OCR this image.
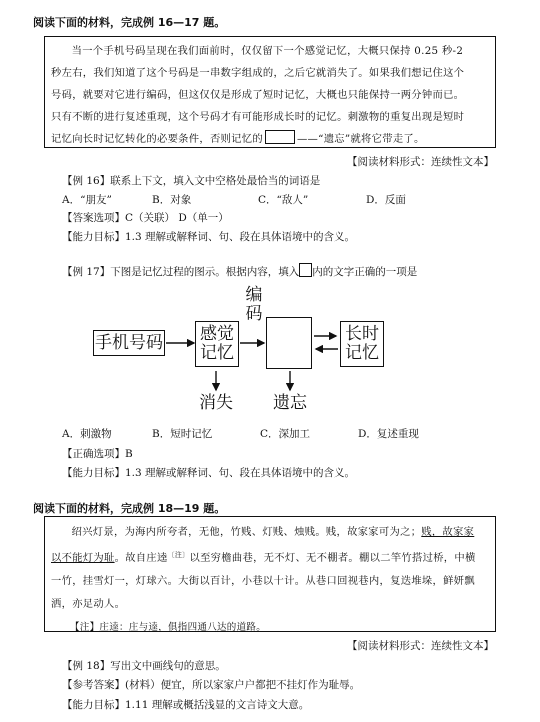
阅读下面的材料，完成例 16—17 题。

当一个手机号码呈现在我们面前时，仅仅留下一个感觉记忆，大概只保持 0.25 秒-2

秒左右，我们知道了这个号码是一串数字组成的，之后它就消失了。如果我们想记住这个

号码，就要对它进行编码，但这仅仅是形成了短时记忆，大概也只能保持一两分钟而已。

只有不断的进行复述重现，这个号码才有可能形成长时的记忆。刺激物的重复出现是短时

记忆向长时记忆转化的必要条件，否则记忆的	——“遗忘”就将它带走了。

【阅读材料形式：连续性文本】
【例 16】联系上下文，填入文中空格处最恰当的词语是
A．“朋友”	B．对象	C．“敌人”	D．反面
【答案选项】C（关联） D（单一）
【能力目标】1.3 理解或解释词、句、段在具体语境中的含义。
【例 17】下图是记忆过程的图示。根据内容，填入 内的文字正确的一项是
手机号码 感觉
记忆
长时
记忆
编
码
消失 遗忘
A．刺激物	B．短时记忆	C．深加工	D．复述重现
【正确选项】B
【能力目标】1.3 理解或解释词、句、段在具体语境中的含义。
阅读下面的材料，完成例 18—19 题。

绍兴灯景，为海内所夸者，无他，竹贱、灯贱、烛贱。贱，故家家可为之；贱，故家家

以不能灯为耻。故自庄逵$^{〔注〕}$以至穷檐曲巷，无不灯、无不棚者。棚以二竿竹搭过桥，中横

一竹，挂雪灯一，灯球六。大街以百计，小巷以十计。从巷口回视巷内，复迭堆垛，鲜妍飘

洒，亦足动人。

【注】庄逵：庄与逵，俱指四通八达的道路。

【阅读材料形式：连续性文本】
【例 18】写出文中画线句的意思。
【参考答案】(材料）便宜，所以家家户户都把不挂灯作为耻辱。
【能力目标】1.11 理解或概括浅显的文言诗文大意。
